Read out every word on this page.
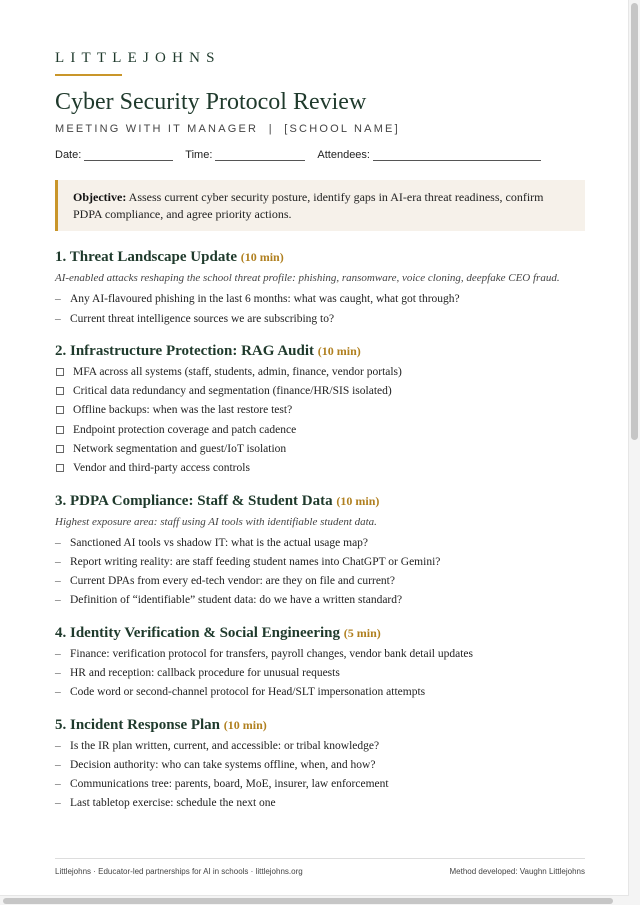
LITTLEJOHNS
Cyber Security Protocol Review
MEETING WITH IT MANAGER  |  [SCHOOL NAME]
Date:	Time:	Attendees:
Objective: Assess current cyber security posture, identify gaps in AI-era threat readiness, confirm PDPA compliance, and agree priority actions.
1. Threat Landscape Update (10 min)
AI-enabled attacks reshaping the school threat profile: phishing, ransomware, voice cloning, deepfake CEO fraud.
– Any AI-flavoured phishing in the last 6 months: what was caught, what got through?
– Current threat intelligence sources we are subscribing to?
2. Infrastructure Protection: RAG Audit (10 min)
MFA across all systems (staff, students, admin, finance, vendor portals)
Critical data redundancy and segmentation (finance/HR/SIS isolated)
Offline backups: when was the last restore test?
Endpoint protection coverage and patch cadence
Network segmentation and guest/IoT isolation
Vendor and third-party access controls
3. PDPA Compliance: Staff & Student Data (10 min)
Highest exposure area: staff using AI tools with identifiable student data.
– Sanctioned AI tools vs shadow IT: what is the actual usage map?
– Report writing reality: are staff feeding student names into ChatGPT or Gemini?
– Current DPAs from every ed-tech vendor: are they on file and current?
– Definition of “identifiable” student data: do we have a written standard?
4. Identity Verification & Social Engineering (5 min)
– Finance: verification protocol for transfers, payroll changes, vendor bank detail updates
– HR and reception: callback procedure for unusual requests
– Code word or second-channel protocol for Head/SLT impersonation attempts
5. Incident Response Plan (10 min)
– Is the IR plan written, current, and accessible: or tribal knowledge?
– Decision authority: who can take systems offline, when, and how?
– Communications tree: parents, board, MoE, insurer, law enforcement
– Last tabletop exercise: schedule the next one
Littlejohns · Educator-led partnerships for AI in schools · littlejohns.org	Method developed: Vaughn Littlejohns
